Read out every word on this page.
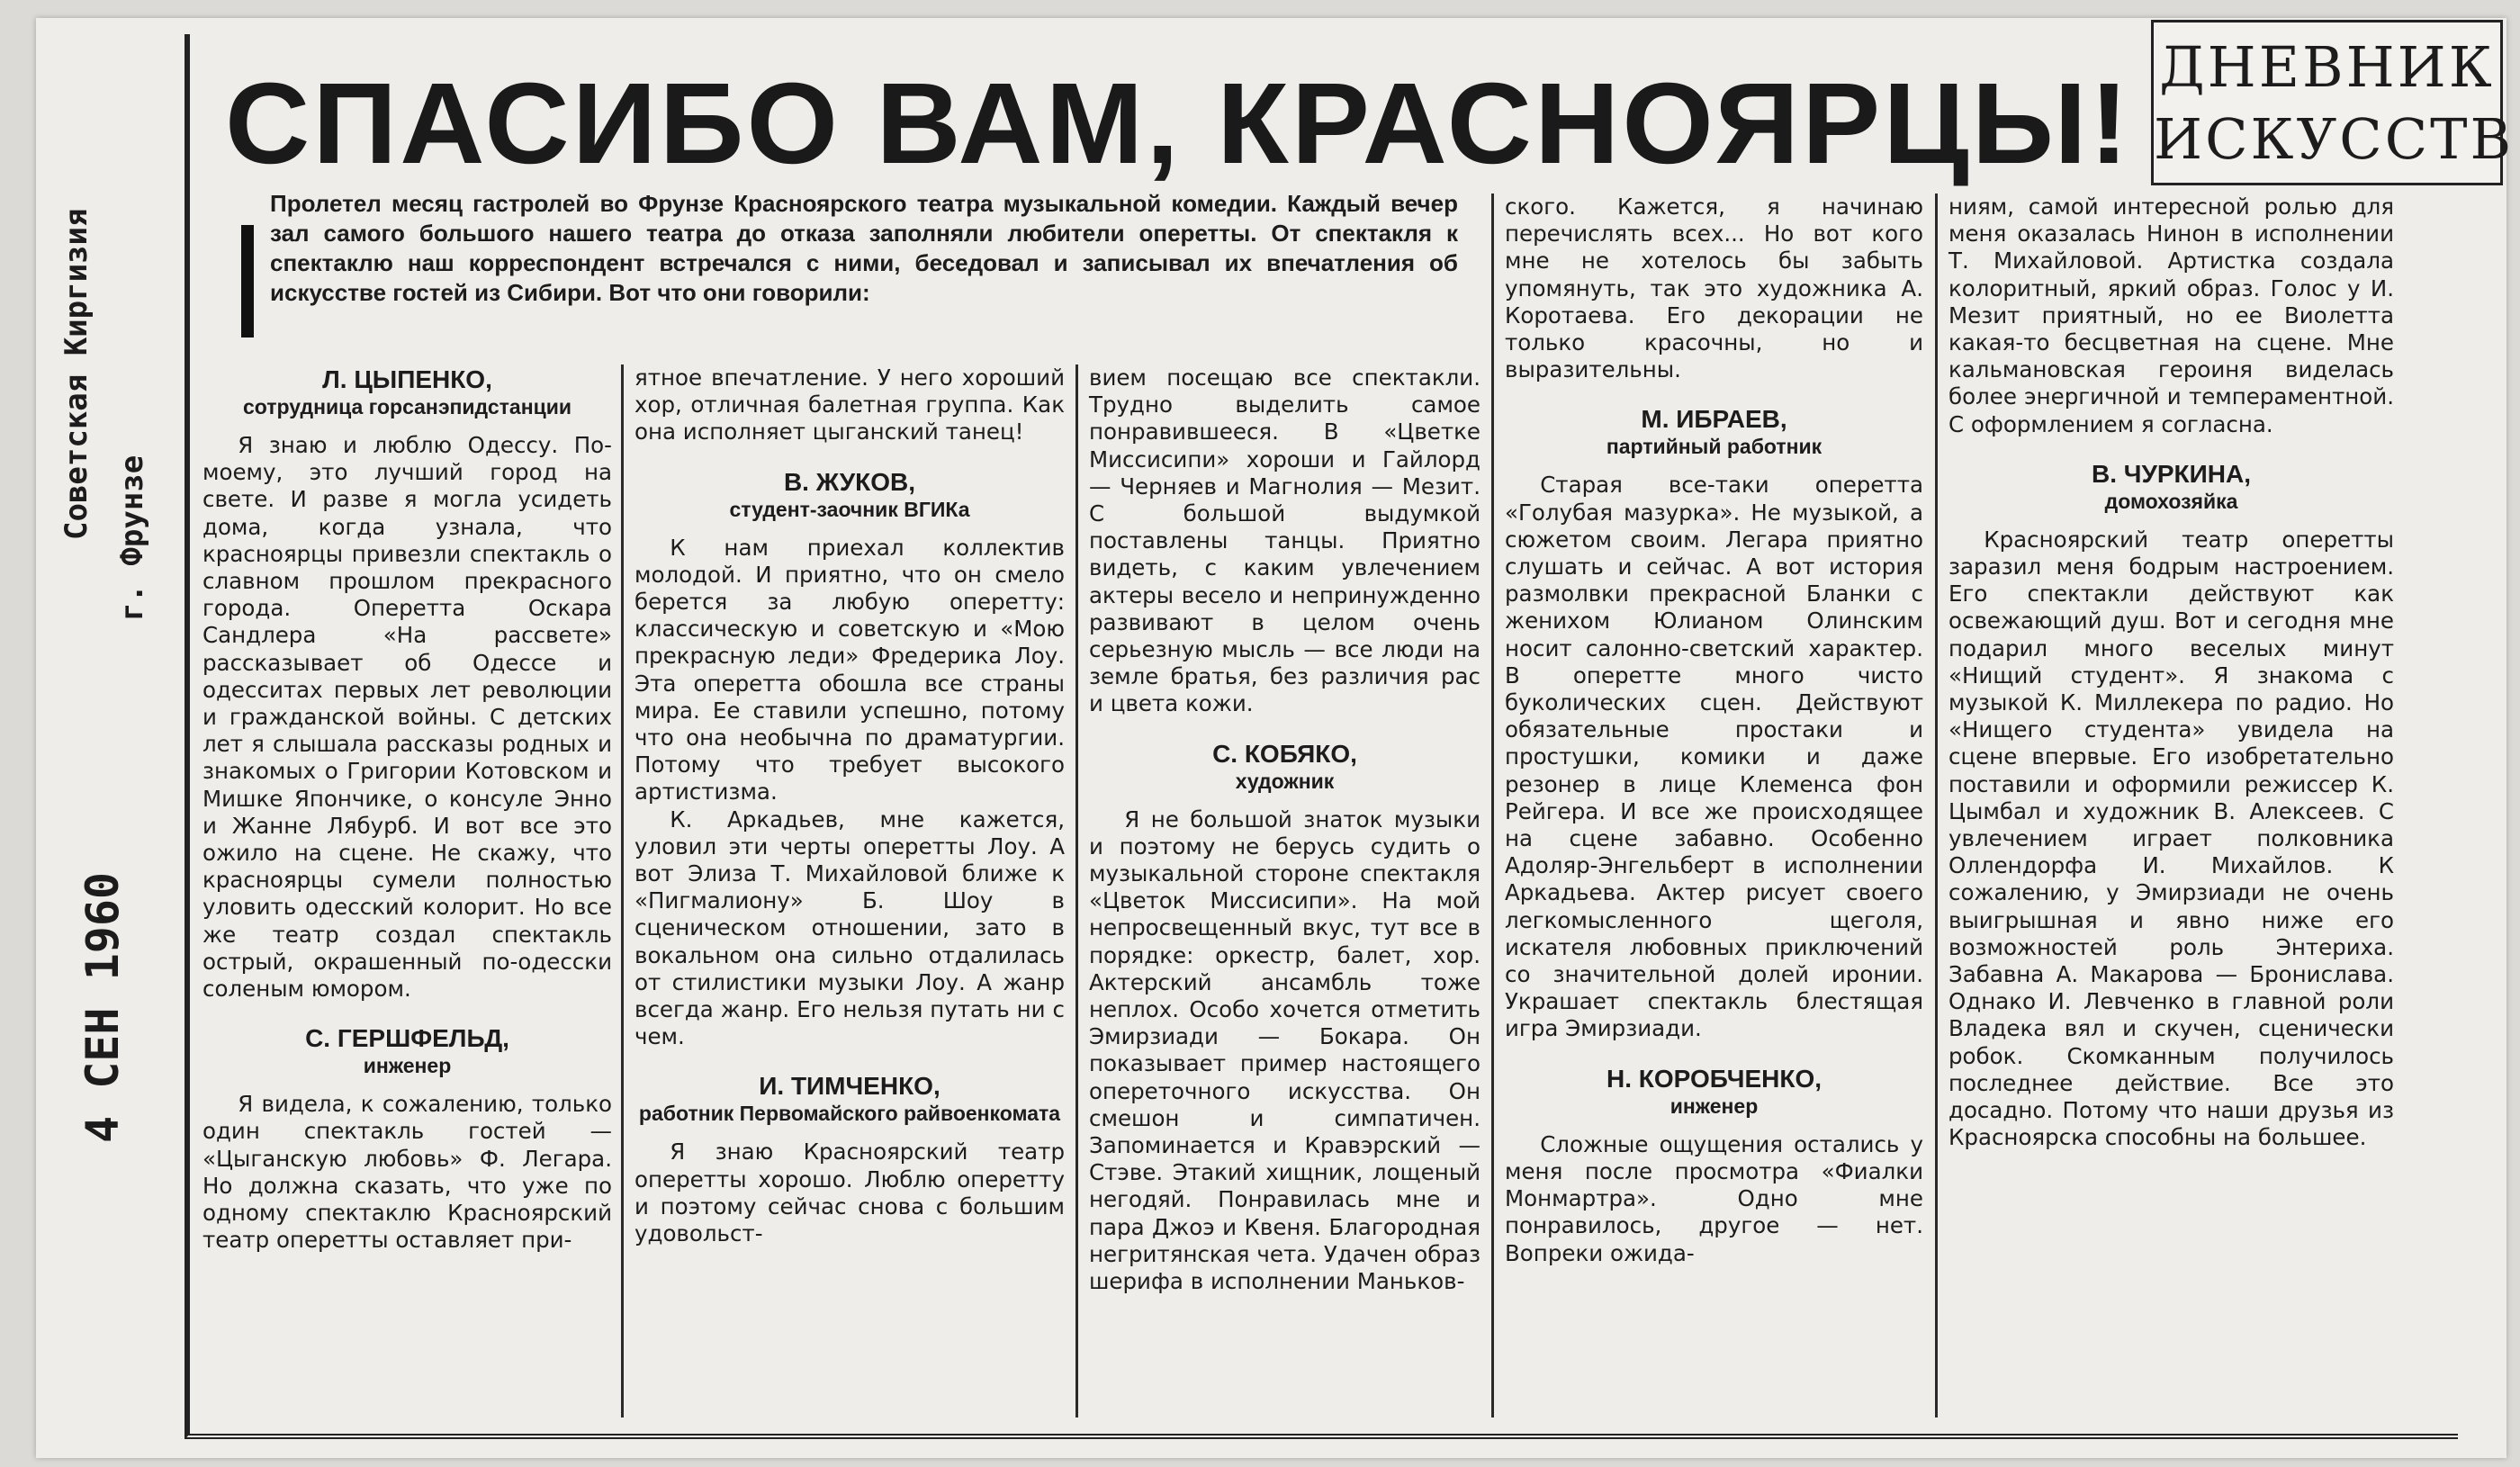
Советская Киргизия г. Фрунзе
4 СЕН 1960
СПАСИБО ВАМ, КРАСНОЯРЦЫ! ДНЕВНИК
ИСКУССТВ
Пролетел месяц гастролей во Фрунзе Красноярского театра музыкальной комедии. Каждый вечер зал самого большого нашего театра до отказа заполняли любители оперетты. От спектакля к спектаклю наш корреспондент встречался с ними, беседовал и записывал их впечатления об искусстве гостей из Сибири. Вот что они говорили:
Л. ЦЫПЕНКО,
сотрудница горсанэпидстанции

Я знаю и люблю Одессу. По-моему, это лучший город на свете. И разве я могла усидеть дома, когда узнала, что красноярцы привезли спектакль о славном прошлом прекрасного города. Оперетта Оскара Сандлера «На рассвете» рассказывает об Одессе и одесситах первых лет революции и гражданской войны. С детских лет я слышала рассказы родных и знакомых о Григории Котовском и Мишке Япончике, о консуле Энно и Жанне Лябурб. И вот все это ожило на сцене. Не скажу, что красноярцы сумели полностью уловить одесский колорит. Но все же театр создал спектакль острый, окрашенный по-одесски соленым юмором.

С. ГЕРШФЕЛЬД,
инженер

Я видела, к сожалению, только один спектакль гостей — «Цыганскую любовь» Ф. Легара. Но должна сказать, что уже по одному спектаклю Красноярский театр оперетты оставляет при-

ятное впечатление. У него хороший хор, отличная балетная группа. Как она исполняет цыганский танец!

В. ЖУКОВ,
студент-заочник ВГИКа

К нам приехал коллектив молодой. И приятно, что он смело берется за любую оперетту: классическую и советскую и «Мою прекрасную леди» Фредерика Лоу. Эта оперетта обошла все страны мира. Ее ставили успешно, потому что она необычна по драматургии. Потому что требует высокого артистизма.

К. Аркадьев, мне кажется, уловил эти черты оперетты Лоу. А вот Элиза Т. Михайловой ближе к «Пигмалиону» Б. Шоу в сценическом отношении, зато в вокальном она сильно отдалилась от стилистики музыки Лоу. А жанр всегда жанр. Его нельзя путать ни с чем.

И. ТИМЧЕНКО,
работник Первомайского райвоенкомата

Я знаю Красноярский театр оперетты хорошо. Люблю оперетту и поэтому сейчас снова с большим удовольст-

вием посещаю все спектакли. Трудно выделить самое понравившееся. В «Цветке Миссисипи» хороши и Гайлорд — Черняев и Магнолия — Мезит. С большой выдумкой поставлены танцы. Приятно видеть, с каким увлечением актеры весело и непринужденно развивают в целом очень серьезную мысль — все люди на земле братья, без различия рас и цвета кожи.

С. КОБЯКО,
художник

Я не большой знаток музыки и поэтому не берусь судить о музыкальной стороне спектакля «Цветок Миссисипи». На мой непросвещенный вкус, тут все в порядке: оркестр, балет, хор. Актерский ансамбль тоже неплох. Особо хочется отметить Эмирзиади — Бокара. Он показывает пример настоящего опереточного искусства. Он смешон и симпатичен. Запоминается и Кравэрский — Стэве. Этакий хищник, лощеный негодяй. Понравилась мне и пара Джоэ и Квеня. Благородная негритянская чета. Удачен образ шерифа в исполнении Маньков-

ского. Кажется, я начинаю перечислять всех... Но вот кого мне не хотелось бы забыть упомянуть, так это художника А. Коротаева. Его декорации не только красочны, но и выразительны.

М. ИБРАЕВ,
партийный работник

Старая все-таки оперетта «Голубая мазурка». Не музыкой, а сюжетом своим. Легара приятно слушать и сейчас. А вот история размолвки прекрасной Бланки с женихом Юлианом Олинским носит салонно-светский характер. В оперетте много чисто буколических сцен. Действуют обязательные простаки и простушки, комики и даже резонер в лице Клеменса фон Рейгера. И все же происходящее на сцене забавно. Особенно Адоляр-Энгельберт в исполнении Аркадьева. Актер рисует своего легкомысленного щеголя, искателя любовных приключений со значительной долей иронии. Украшает спектакль блестящая игра Эмирзиади.

Н. КОРОБЧЕНКО,
инженер

Сложные ощущения остались у меня после просмотра «Фиалки Монмартра». Одно мне понравилось, другое — нет. Вопреки ожида-

ниям, самой интересной ролью для меня оказалась Нинон в исполнении Т. Михайловой. Артистка создала колоритный, яркий образ. Голос у И. Мезит приятный, но ее Виолетта какая-то бесцветная на сцене. Мне кальмановская героиня виделась более энергичной и темпераментной. С оформлением я согласна.

В. ЧУРКИНА,
домохозяйка

Красноярский театр оперетты заразил меня бодрым настроением. Его спектакли действуют как освежающий душ. Вот и сегодня мне подарил много веселых минут «Нищий студент». Я знакома с музыкой К. Миллекера по радио. Но «Нищего студента» увидела на сцене впервые. Его изобретательно поставили и оформили режиссер К. Цымбал и художник В. Алексеев. С увлечением играет полковника Оллендорфа И. Михайлов. К сожалению, у Эмирзиади не очень выигрышная и явно ниже его возможностей роль Энтериха. Забавна А. Макарова — Бронислава. Однако И. Левченко в главной роли Владека вял и скучен, сценически робок. Скомканным получилось последнее действие. Все это досадно. Потому что наши друзья из Красноярска способны на большее.
